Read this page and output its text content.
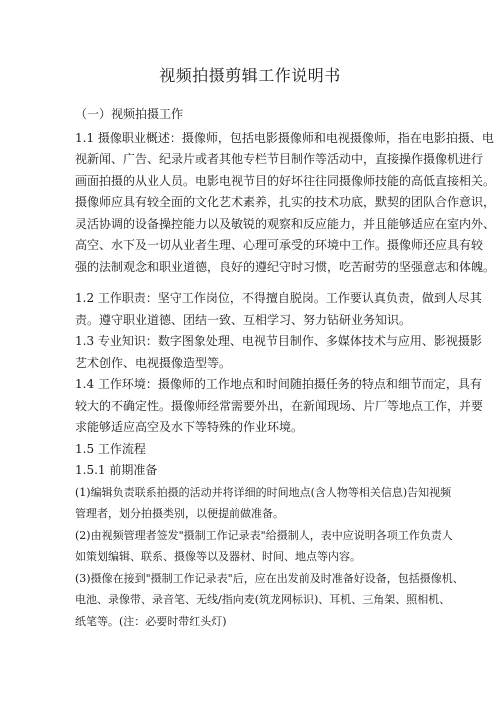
视频拍摄剪辑工作说明书
（一）视频拍摄工作
1.1 摄像职业概述：摄像师，包括电影摄像师和电视摄像师，指在电影拍摄、电
视新闻、广告、纪录片或者其他专栏节目制作等活动中，直接操作摄像机进行
画面拍摄的从业人员。电影电视节目的好坏往往同摄像师技能的高低直接相关。
摄像师应具有较全面的文化艺术素养，扎实的技术功底，默契的团队合作意识，
灵活协调的设备操控能力以及敏锐的观察和反应能力，并且能够适应在室内外、
高空、水下及一切从业者生理、心理可承受的环境中工作。摄像师还应具有较
强的法制观念和职业道德，良好的遵纪守时习惯，吃苦耐劳的坚强意志和体魄。
1.2 工作职责：坚守工作岗位，不得擅自脱岗。工作要认真负责，做到人尽其
责。遵守职业道德、团结一致、互相学习、努力钻研业务知识。
1.3 专业知识：数字图象处理、电视节目制作、多媒体技术与应用、影视摄影
艺术创作、电视摄像造型等。
1.4 工作环境：摄像师的工作地点和时间随拍摄任务的特点和细节而定，具有
较大的不确定性。摄像师经常需要外出，在新闻现场、片厂等地点工作，并要
求能够适应高空及水下等特殊的作业环境。
1.5 工作流程
1.5.1 前期准备
(1)编辑负责联系拍摄的活动并将详细的时间地点(含人物等相关信息)告知视频
管理者，划分拍摄类别，以便提前做准备。
(2)由视频管理者签发"摄制工作记录表"给摄制人，表中应说明各项工作负责人
如策划编辑、联系、摄像等以及器材、时间、地点等内容。
(3)摄像在接到"摄制工作记录表"后，应在出发前及时准备好设备，包括摄像机、
电池、录像带、录音笔、无线/指向麦(筑龙网标识)、耳机、三角架、照相机、
纸笔等。(注：必要时带红头灯)
